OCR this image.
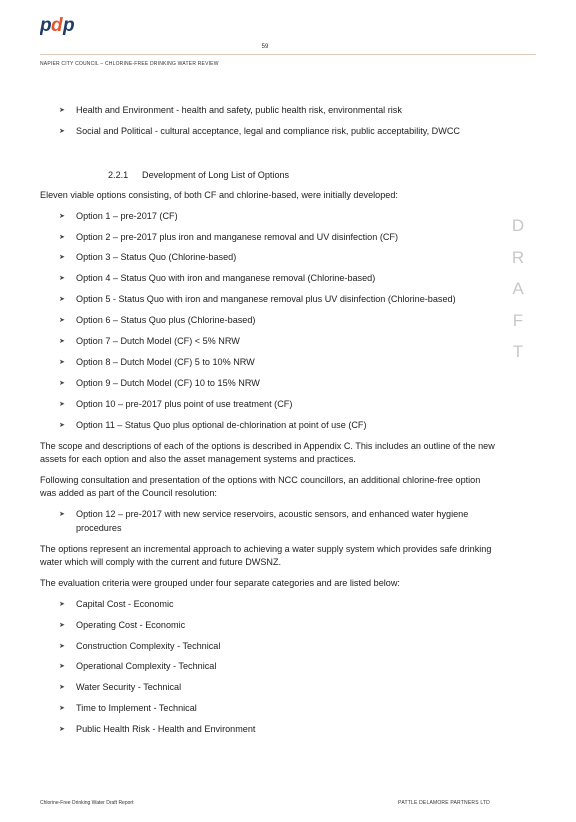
p d p
59
NAPIER CITY COUNCIL – CHLORINE-FREE DRINKING WATER REVIEW
➤ Health and Environment - health and safety, public health risk, environmental risk
➤ Social and Political - cultural acceptance, legal and compliance risk, public acceptability, DWCC
2.2.1 Development of Long List of Options

Eleven viable options consisting, of both CF and chlorine-based, were initially developed:

➤ Option 1 – pre-2017 (CF)
➤ Option 2 – pre-2017 plus iron and manganese removal and UV disinfection (CF)
➤ Option 3 – Status Quo (Chlorine-based)
➤ Option 4 – Status Quo with iron and manganese removal (Chlorine-based)
➤ Option 5 - Status Quo with iron and manganese removal plus UV disinfection (Chlorine-based)
➤ Option 6 – Status Quo plus (Chlorine-based)
➤ Option 7 – Dutch Model (CF) < 5% NRW
➤ Option 8 – Dutch Model (CF) 5 to 10% NRW
➤ Option 9 – Dutch Model (CF) 10 to 15% NRW
➤ Option 10 – pre-2017 plus point of use treatment (CF)
➤ Option 11 – Status Quo plus optional de-chlorination at point of use (CF)

The scope and descriptions of each of the options is described in Appendix C. This includes an outline of the new assets for each option and also the asset management systems and practices.

Following consultation and presentation of the options with NCC councillors, an additional chlorine-free option was added as part of the Council resolution:

➤ Option 12 – pre-2017 with new service reservoirs, acoustic sensors, and enhanced water hygiene procedures

The options represent an incremental approach to achieving a water supply system which provides safe drinking water which will comply with the current and future DWSNZ.

The evaluation criteria were grouped under four separate categories and are listed below:

➤ Capital Cost - Economic
➤ Operating Cost - Economic
➤ Construction Complexity - Technical
➤ Operational Complexity - Technical
➤ Water Security - Technical
➤ Time to Implement - Technical
➤ Public Health Risk - Health and Environment
D
R
A
F
T
Chlorine-Free Drinking Water Draft Report	PATTLE DELAMORE PARTNERS LTD
